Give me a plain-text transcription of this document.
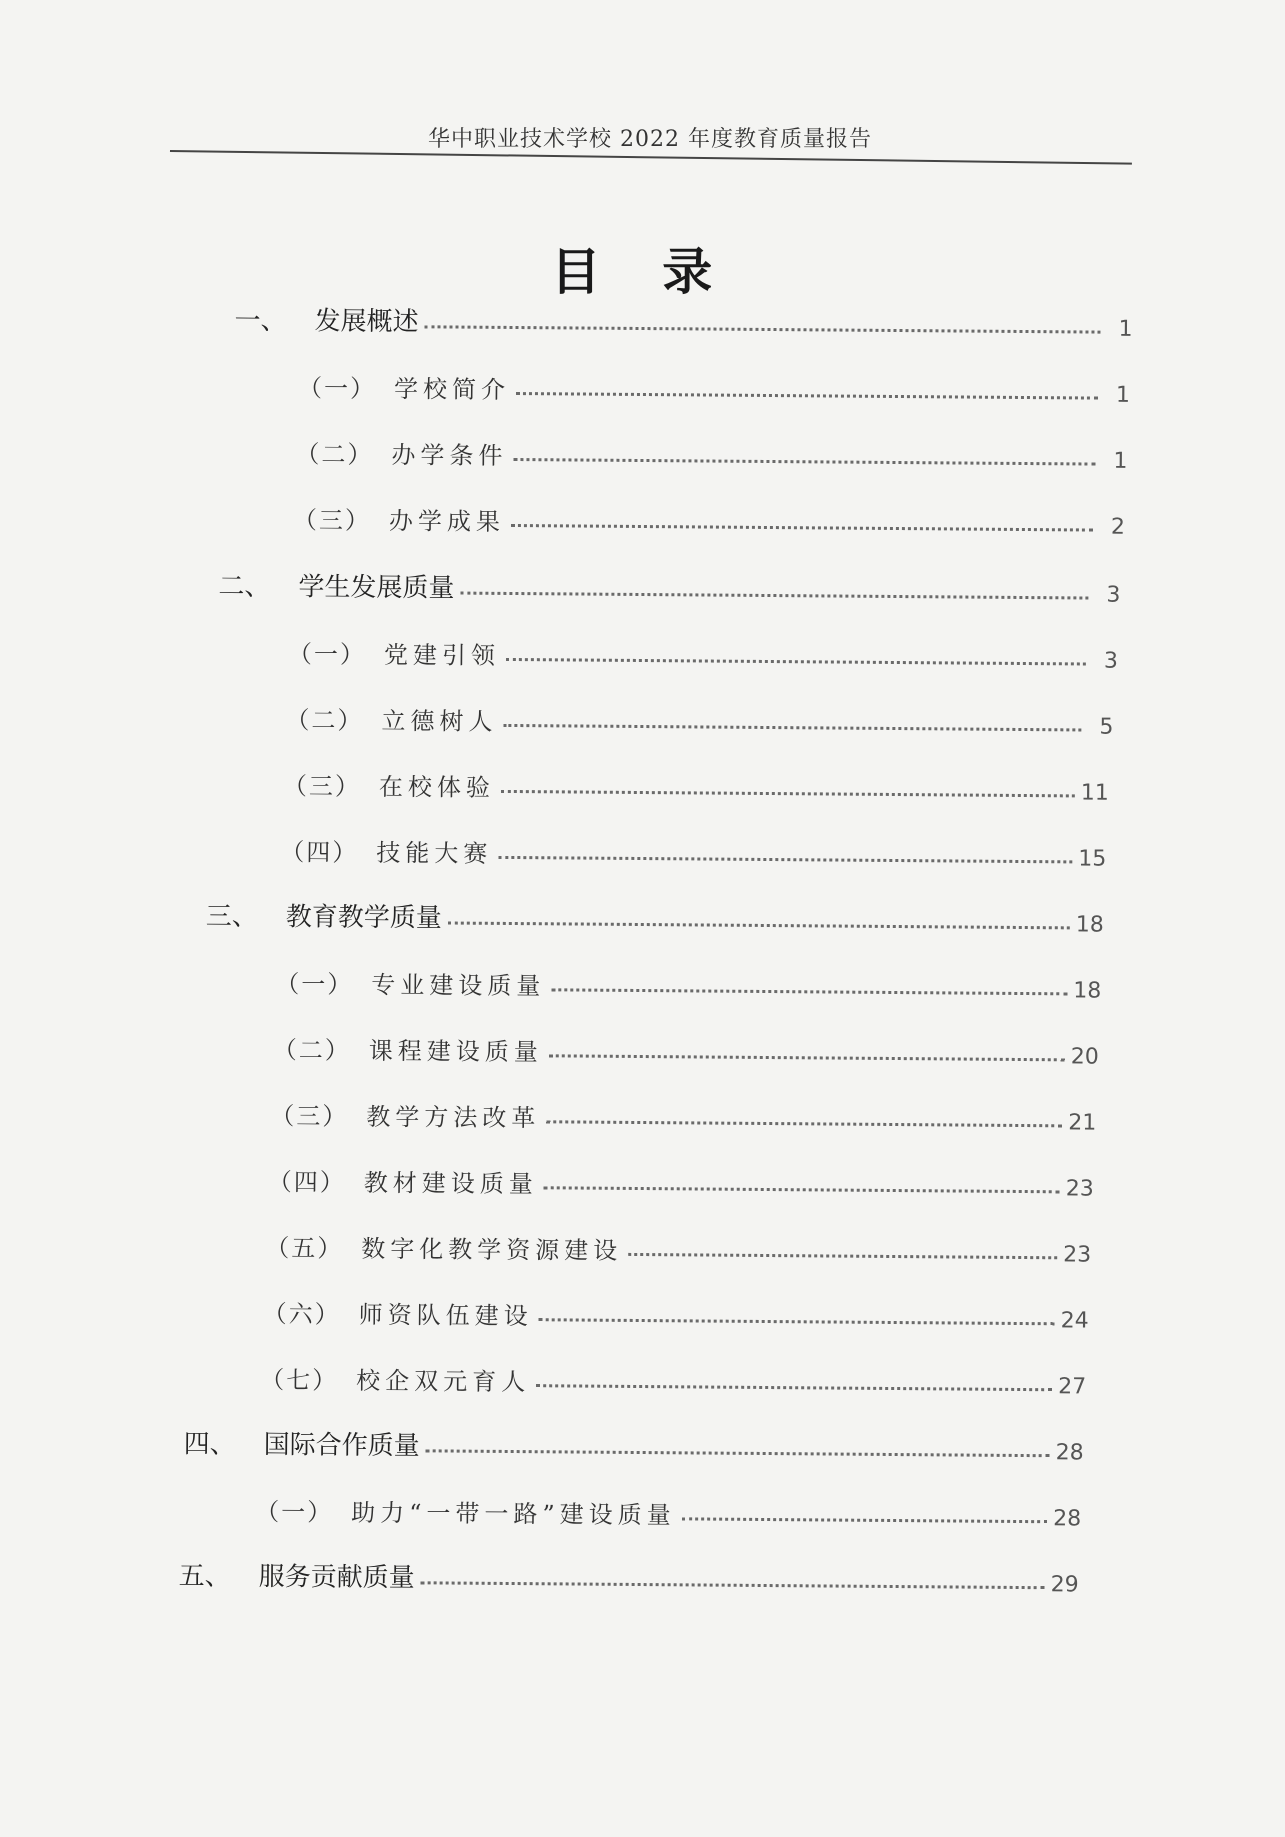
华中职业技术学校 2022 年度教育质量报告
目 录
一、	发展概述	1
（一） 学校简介	1
（二） 办学条件	1
（三） 办学成果	2
二、	学生发展质量	3
（一） 党建引领	3
（二） 立德树人	5
（三） 在校体验	11
（四） 技能大赛	15
三、	教育教学质量	18
（一） 专业建设质量	18
（二） 课程建设质量	20
（三） 教学方法改革	21
（四） 教材建设质量	23
（五） 数字化教学资源建设	23
（六） 师资队伍建设	24
（七） 校企双元育人	27
四、	国际合作质量	28
（一） 助力“一带一路”建设质量	28
五、	服务贡献质量	29
